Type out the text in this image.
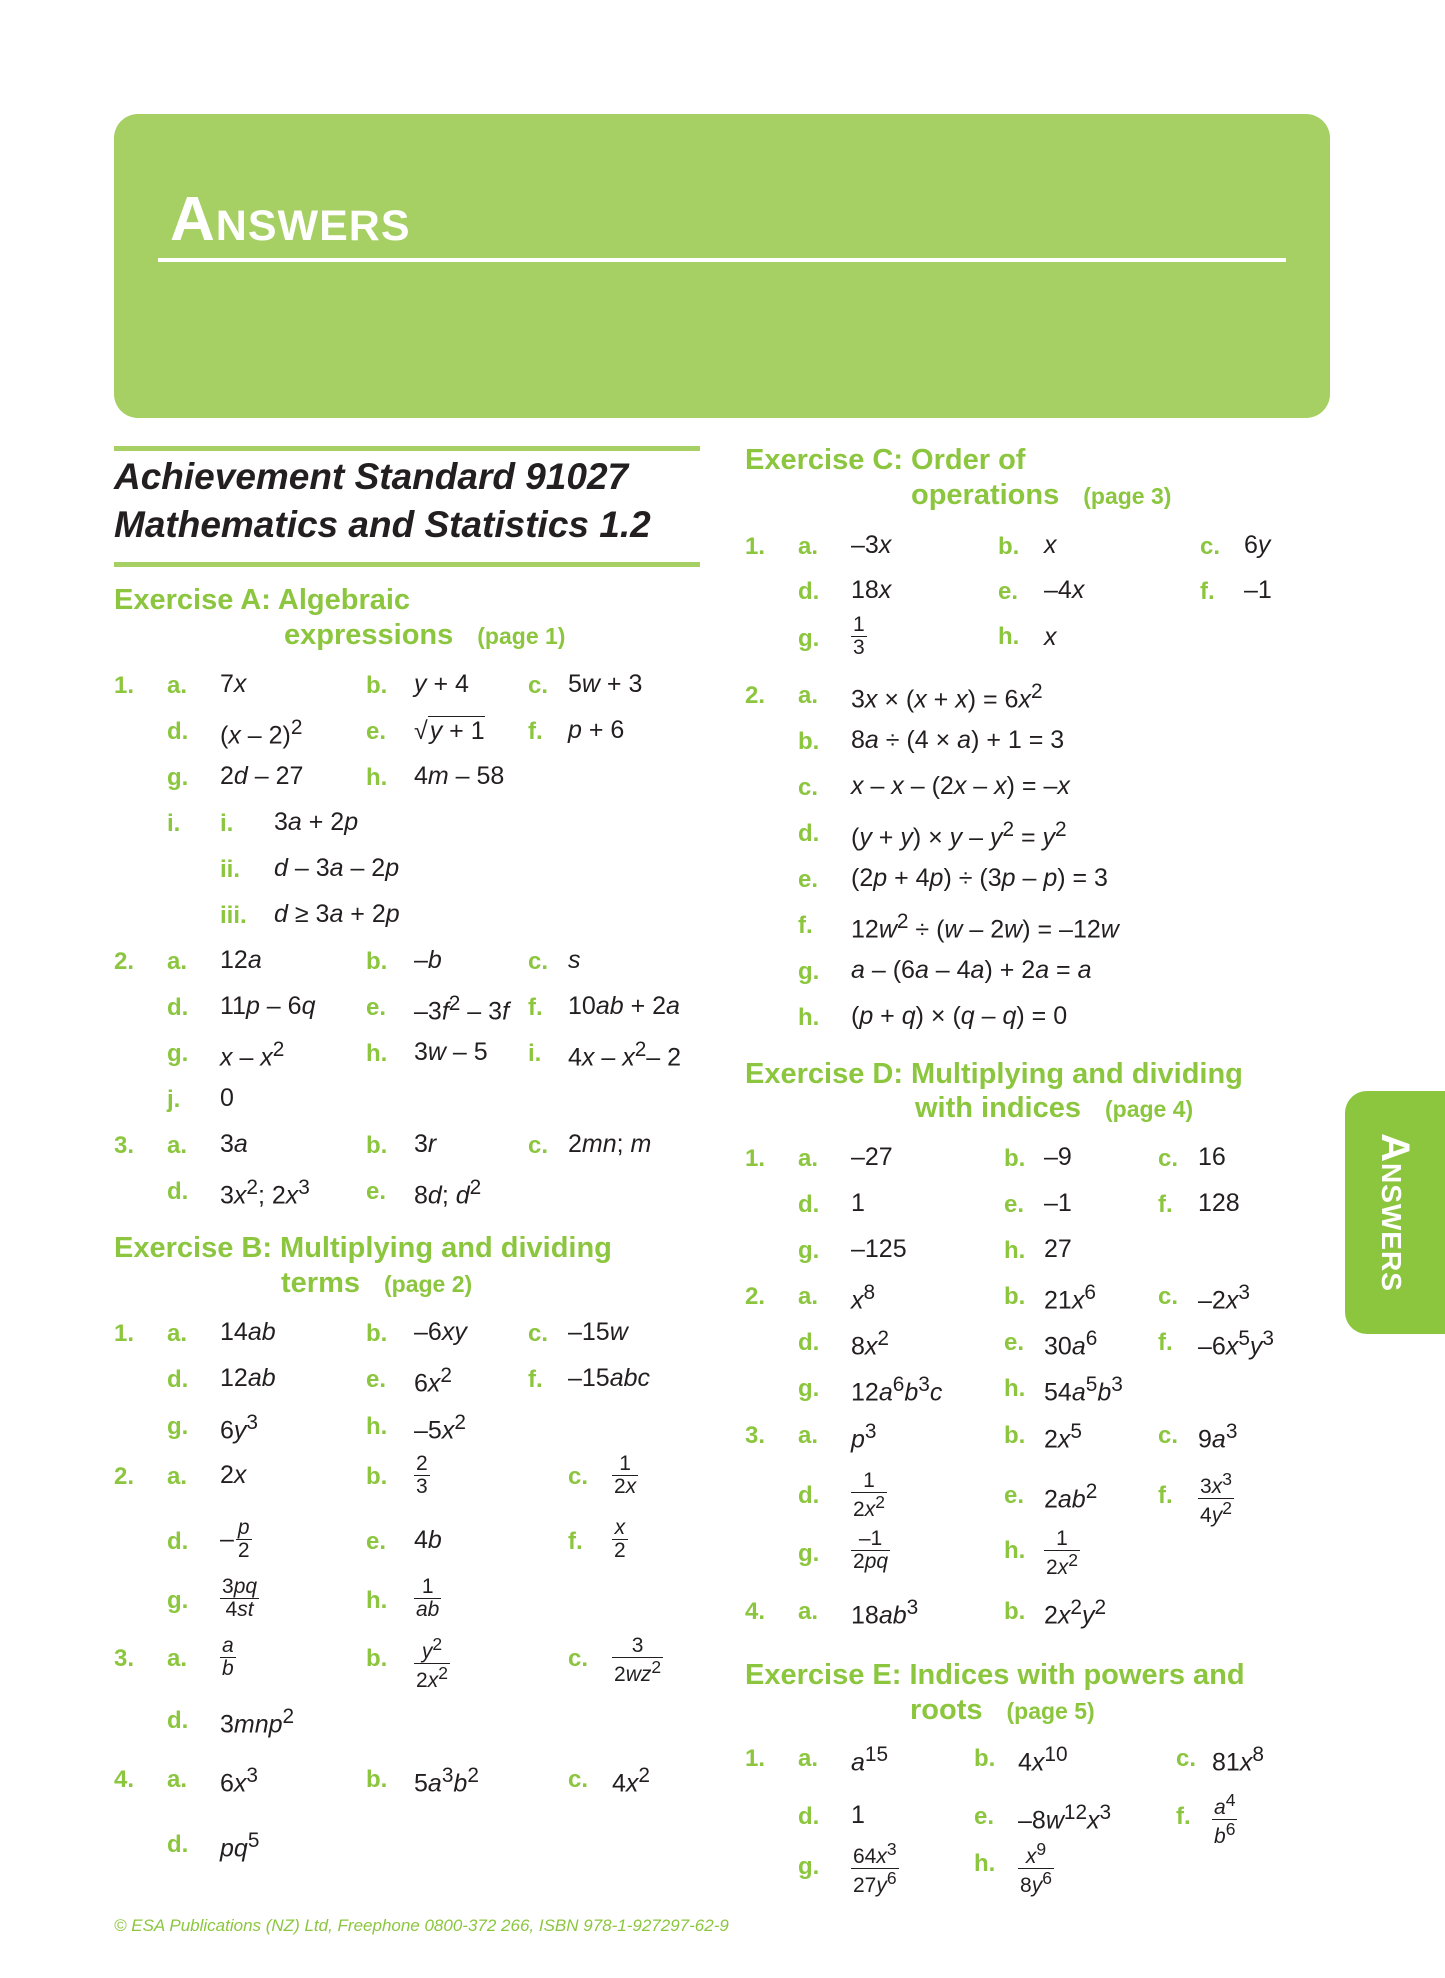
Answers
Answers
Achievement Standard 91027
Mathematics and Statistics 1.2
Exercise A: Algebraic
expressions (page 1)
1. a. 7x	b. y + 4 c. 5w + 3
d. (x – 2)$^2$	e. √y + 1 f. p + 6
g. 2d – 27	h. 4m – 58
i. i. 3a + 2p
ii. d – 3a – 2p
iii. d ≥ 3a + 2p
2. a. 12a	b. –b	c. s
d. 11p – 6q e. $-3f^2 - 3f$ f. 10ab + 2a
g. x – $x^2$	h. 3w – 5 i. $4x - x^2-$ 2
j. 0
3. a. 3a	b. 3r	c. 2mn; m
d. $3x^2$; $2x^3$ e. 8d; $d^2$
Exercise B: Multiplying and dividing
terms (page 2)
1. a. 14ab	b. –6xy	c. –15w
d. 12ab	e. $6x^2$	f. –15abc
g. $6y^3$	h. $-5x^2$
2. a. 2x	b. $\frac{2}{3}$	c. $\frac{1}{2x}$
d. – $\frac{p}{2}$	e. 4b	f. $\frac{x}{2}$
g. $\frac{3pq}{4st}$	h. $\frac{1}{ab}$
3. a. $\frac{a}{b}$	b. $\frac{y^2}{2x^2}$	c. $\frac{3}{2wz^2}$
d. 3mnp$^2$
4. a. $6x^3$	b. $5a^3b^2$	c. $4x^2$
d. $pq^5$
Exercise C: Order of
operations (page 3)
1. a. –3x	b. x	c. 6y
d. 18x	e. –4x	f. –1
g. $\frac{1}{3}$	h. x
2. a. $3x \times (x + x) = 6x^2$
b. 8a ÷ (4 × a) + 1 = 3
c. x – x – (2x – x) = –x
d. $(y + y) \times y - y^2 = y^2$
e. (2p + 4p) ÷ (3p – p) = 3
f. $12w^2 \div (w - 2w) = -12w$
g. a – (6a – 4a) + 2a = a
h. (p + q) × (q – q) = 0
Exercise D: Multiplying and dividing
with indices (page 4)
1. a. –27	b. –9	c. 16
d. 1	e. –1	f. 128
g. –125	h. 27
2. a. $x^8$	b. $21x^6$	c. $-2x^3$
d. $8x^2$	e. $30a^6$	f. $-6x^5y^3$
g. $12a^6b^3c$	h. $54a^5b^3$
3. a. $p^3$	b. $2x^5$	c. $9a^3$
d. $\frac{1}{2x^2}$	e. $2ab^2$	f. $\frac{3x^3}{4y^2}$
g. $\frac{-1}{2pq}$	h. $\frac{1}{2x^2}$
4. a. $18ab^3$	b. $2x^2y^2$
Exercise E: Indices with powers and
roots (page 5)
1. a. $a^{15}$	b. $4x^{10}$	c. $81x^8$
d. 1	e. $-8w^{12}x^3$	f. $\frac{a^4}{b^6}$
g. $\frac{64x^3}{27y^6}$	h. $\frac{x^9}{8y^6}$
© ESA Publications (NZ) Ltd, Freephone 0800-372 266, ISBN 978-1-927297-62-9
